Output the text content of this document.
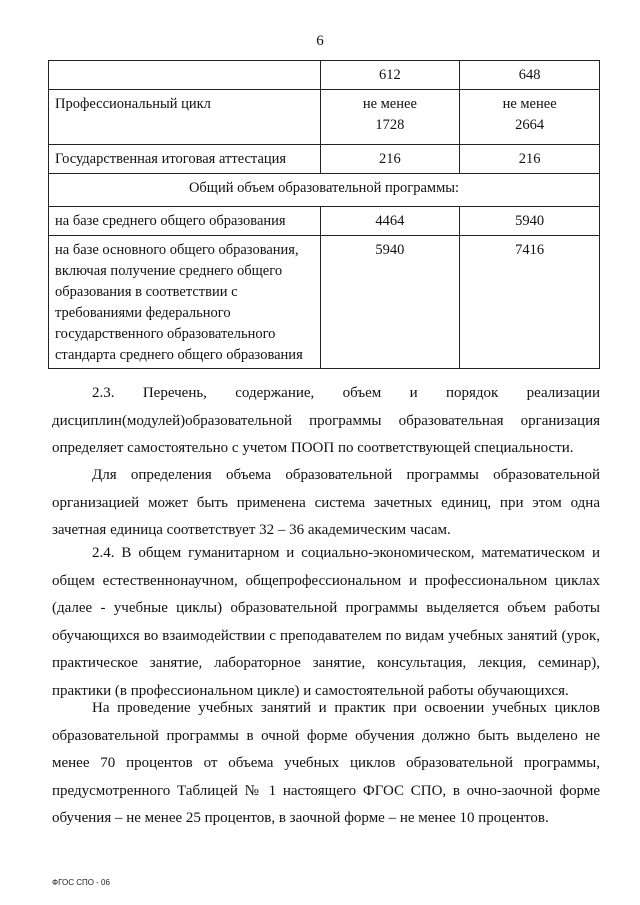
6
	612	648
Профессиональный цикл	не менее 1728	не менее 2664

Государственная итоговая аттестация	216	216
Общий объем образовательной программы:		
на базе среднего общего образования	4464	5940
на базе основного общего образования, включая получение среднего общего образования в соответствии с требованиями федерального государственного образовательного стандарта среднего общего образования	5940	7416

2.3. Перечень, содержание, объем и порядок реализации дисциплин(модулей)образовательной программы образовательная организация определяет самостоятельно с учетом ПООП по соответствующей специальности.

Для определения объема образовательной программы образовательной организацией может быть применена система зачетных единиц, при этом одна зачетная единица соответствует 32 – 36 академическим часам.

2.4. В общем гуманитарном и социально-экономическом, математическом и общем естественнонаучном, общепрофессиональном и профессиональном циклах (далее - учебные циклы) образовательной программы выделяется объем работы обучающихся во взаимодействии с преподавателем по видам учебных занятий (урок, практическое занятие, лабораторное занятие, консультация, лекция, семинар), практики (в профессиональном цикле) и самостоятельной работы обучающихся.

На проведение учебных занятий и практик при освоении учебных циклов образовательной программы в очной форме обучения должно быть выделено не менее 70 процентов от объема учебных циклов образовательной программы, предусмотренного Таблицей № 1 настоящего ФГОС СПО, в очно-заочной форме обучения – не менее 25 процентов, в заочной форме – не менее 10 процентов.

ФГОС СПО - 06
